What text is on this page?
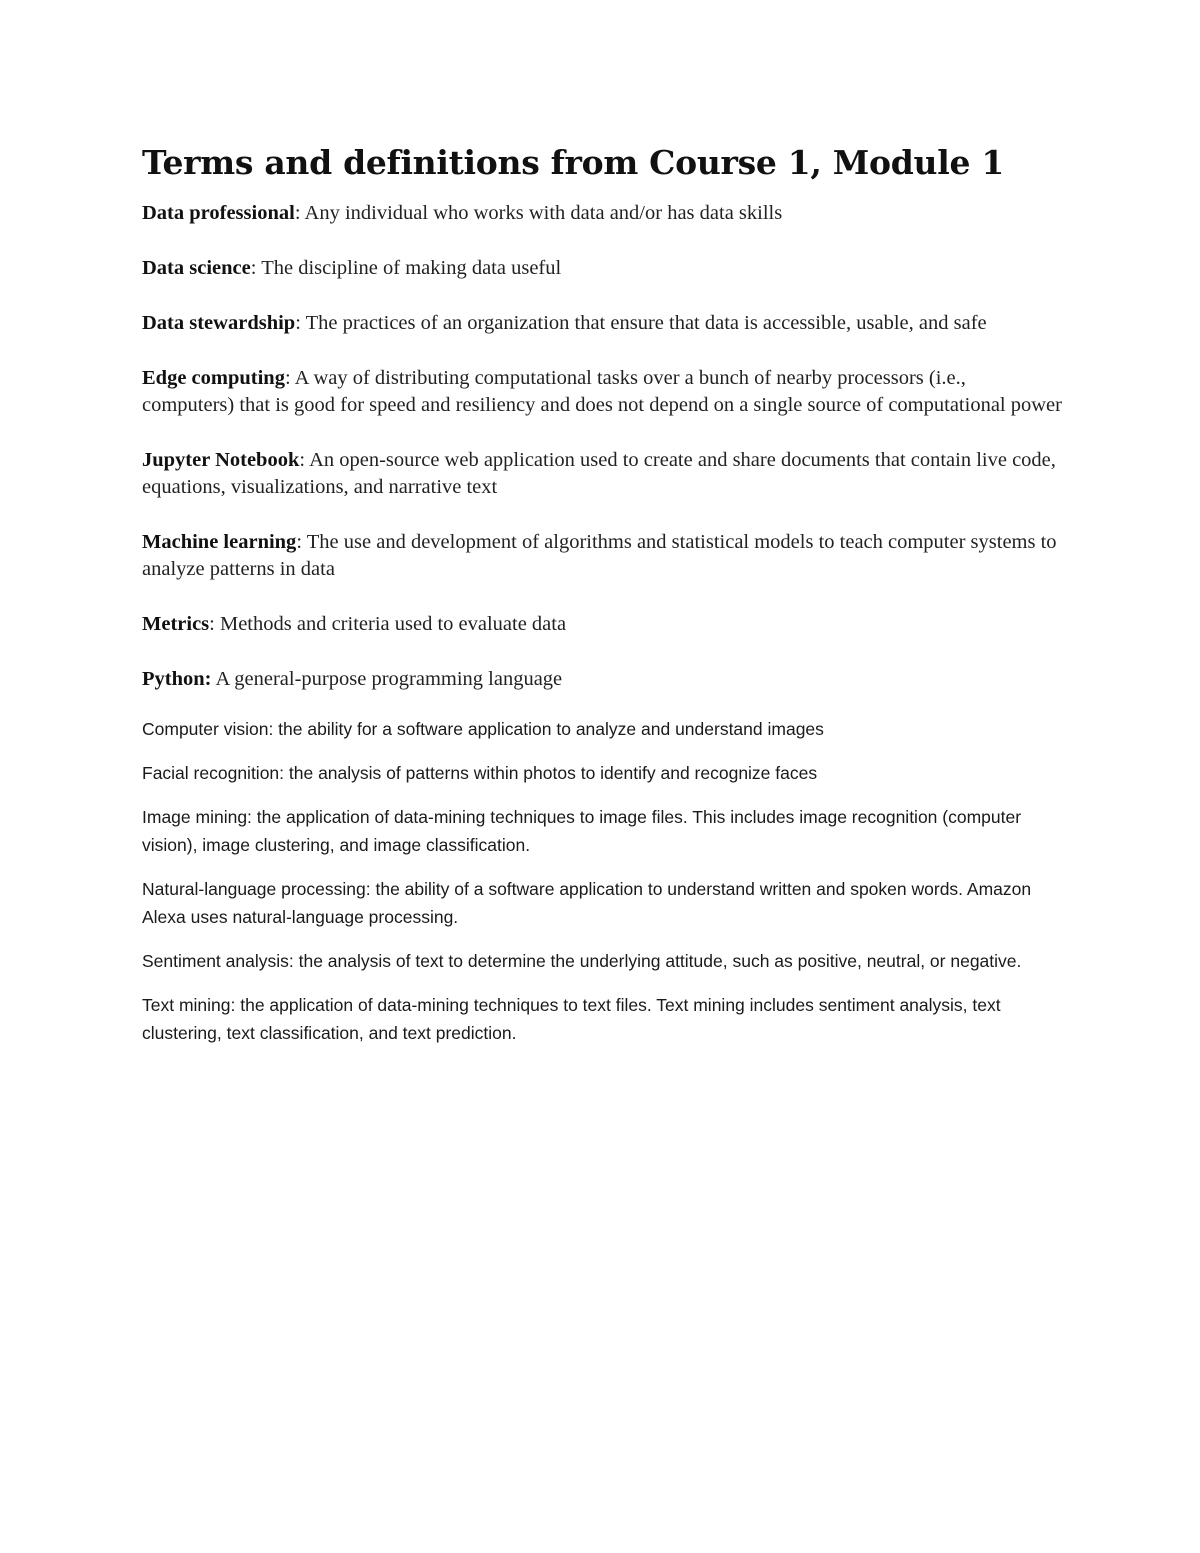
Terms and definitions from Course 1, Module 1

Data professional: Any individual who works with data and/or has data skills

Data science: The discipline of making data useful

Data stewardship: The practices of an organization that ensure that data is accessible, usable, and safe

Edge computing: A way of distributing computational tasks over a bunch of nearby processors (i.e., computers) that is good for speed and resiliency and does not depend on a single source of computational power

Jupyter Notebook: An open-source web application used to create and share documents that contain live code, equations, visualizations, and narrative text

Machine learning: The use and development of algorithms and statistical models to teach computer systems to analyze patterns in data

Metrics: Methods and criteria used to evaluate data

Python: A general-purpose programming language

Computer vision: the ability for a software application to analyze and understand images

Facial recognition: the analysis of patterns within photos to identify and recognize faces

Image mining: the application of data-mining techniques to image files. This includes image recognition (computer vision), image clustering, and image classification.

Natural-language processing: the ability of a software application to understand written and spoken words. Amazon Alexa uses natural-language processing.

Sentiment analysis: the analysis of text to determine the underlying attitude, such as positive, neutral, or negative.

Text mining: the application of data-mining techniques to text files. Text mining includes sentiment analysis, text clustering, text classification, and text prediction.
